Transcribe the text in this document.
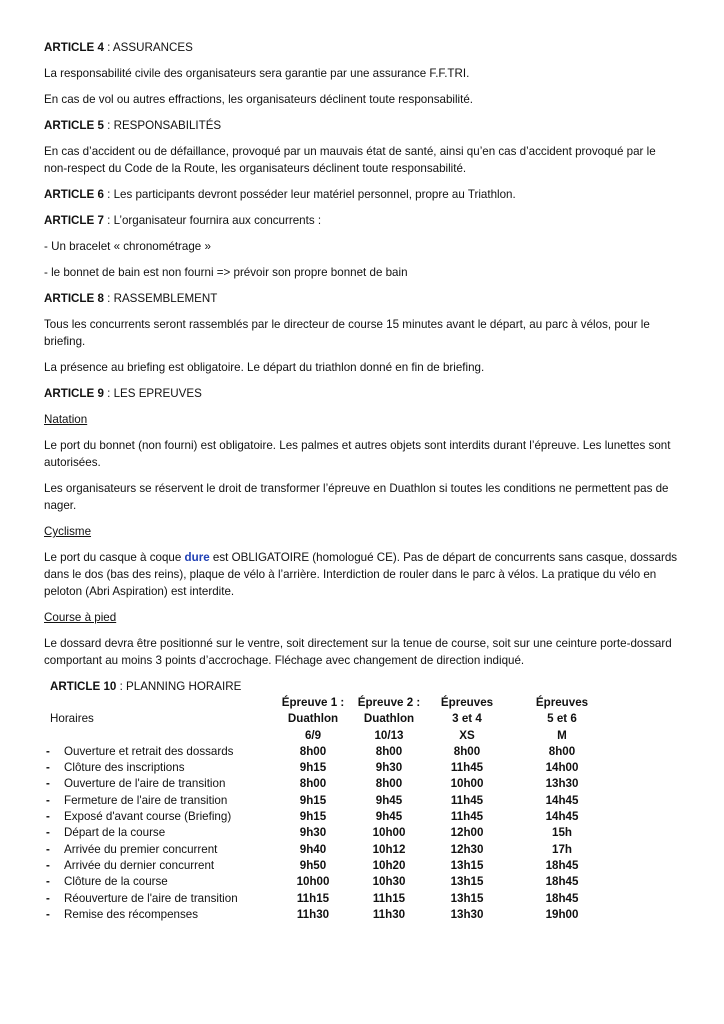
ARTICLE 4 : ASSURANCES

La responsabilité civile des organisateurs sera garantie par une assurance F.F.TRI.

En cas de vol ou autres effractions, les organisateurs déclinent toute responsabilité.

ARTICLE 5 : RESPONSABILITÉS

En cas d’accident ou de défaillance, provoqué par un mauvais état de santé, ainsi qu’en cas d’accident provoqué par le non-respect du Code de la Route, les organisateurs déclinent toute responsabilité.

ARTICLE 6 : Les participants devront posséder leur matériel personnel, propre au Triathlon.

ARTICLE 7 : L’organisateur fournira aux concurrents :

- Un bracelet « chronométrage »

- le bonnet de bain est non fourni => prévoir son propre bonnet de bain

ARTICLE 8 : RASSEMBLEMENT

Tous les concurrents seront rassemblés par le directeur de course 15 minutes avant le départ, au parc à vélos, pour le briefing.

La présence au briefing est obligatoire. Le départ du triathlon donné en fin de briefing.

ARTICLE 9 : LES EPREUVES

Natation

Le port du bonnet (non fourni) est obligatoire. Les palmes et autres objets sont interdits durant l’épreuve. Les lunettes sont autorisées.

Les organisateurs se réservent le droit de transformer l’épreuve en Duathlon si toutes les conditions ne permettent pas de nager.

Cyclisme

Le port du casque à coque dure est OBLIGATOIRE (homologué CE). Pas de départ de concurrents sans casque, dossards dans le dos (bas des reins), plaque de vélo à l’arrière. Interdiction de rouler dans le parc à vélos. La pratique du vélo en peloton (Abri Aspiration) est interdite.

Course à pied

Le dossard devra être positionné sur le ventre, soit directement sur la tenue de course, soit sur une ceinture porte-dossard comportant au moins 3 points d’accrochage. Fléchage avec changement de direction indiqué.

ARTICLE 10 : PLANNING HORAIRE

	Épreuve 1 :	Épreuve 2 :	Épreuves	Épreuves
Horaires	Duathlon	Duathlon	3 et 4	5 et 6
	6/9	10/13	XS	M
- Ouverture et retrait des dossards	8h00	8h00	8h00	8h00
- Clôture des inscriptions	9h15	9h30	11h45	14h00
- Ouverture de l'aire de transition	8h00	8h00	10h00	13h30
- Fermeture de l'aire de transition	9h15	9h45	11h45	14h45
- Exposé d'avant course (Briefing)	9h15	9h45	11h45	14h45
- Départ de la course	9h30	10h00	12h00	15h
- Arrivée du premier concurrent	9h40	10h12	12h30	17h
- Arrivée du dernier concurrent	9h50	10h20	13h15	18h45
- Clôture de la course	10h00	10h30	13h15	18h45
- Réouverture de l'aire de transition	11h15	11h15	13h15	18h45
- Remise des récompenses	11h30	11h30	13h30	19h00
